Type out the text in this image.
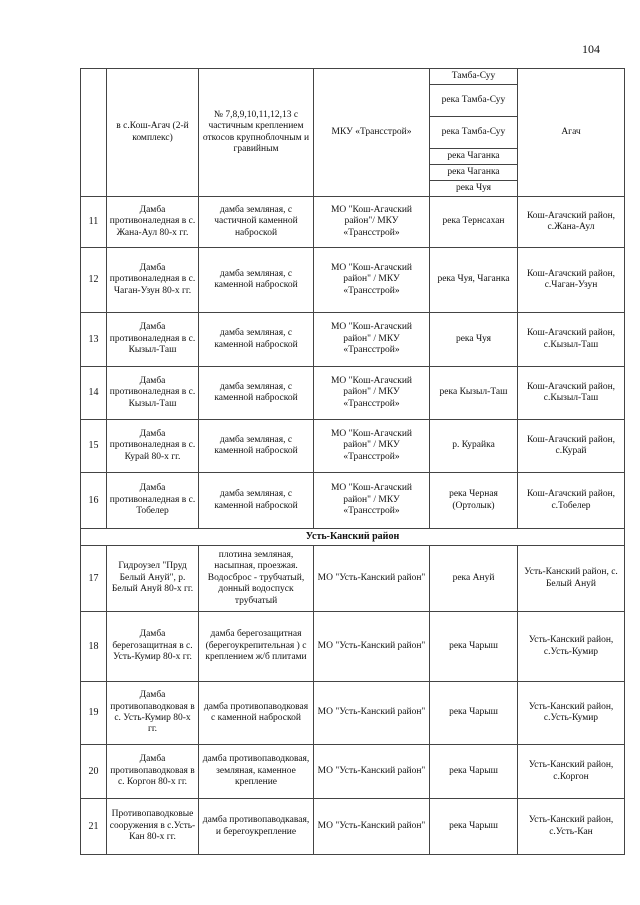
104
	в с.Кош-Агач (2-й комплекс)	№ 7,8,9,10,11,12,13 с частичным креплением откосов крупноблочным и гравийным	МКУ «Трансстрой»	Тамба-Суу	Агач
				река Тамба-Суу	
				река Тамба-Суу	
				река Чаганка	
				река Чаганка	
				река Чуя	
11	Дамба противоналедная в с. Жана-Аул 80-х гг.	дамба земляная, с частичной каменной наброской	МО "Кош-Агачский район"/ МКУ «Трансстрой»	река Тернсахан	Кош-Агачский район, с.Жана-Аул
12	Дамба противоналедная в с. Чаган-Узун 80-х гг.	дамба земляная, с каменной наброской	МО "Кош-Агачский район" / МКУ «Трансстрой»	река Чуя, Чаганка	Кош-Агачский район, с.Чаган-Узун
13	Дамба противоналедная в с. Кызыл-Таш	дамба земляная, с каменной наброской	МО "Кош-Агачский район" / МКУ «Трансстрой»	река Чуя	Кош-Агачский район, с.Кызыл-Таш
14	Дамба противоналедная в с. Кызыл-Таш	дамба земляная, с каменной наброской	МО "Кош-Агачский район" / МКУ «Трансстрой»	река Кызыл-Таш	Кош-Агачский район, с.Кызыл-Таш
15	Дамба противоналедная в с. Курай 80-х гг.	дамба земляная, с каменной наброской	МО "Кош-Агачский район" / МКУ «Трансстрой»	р. Курайка	Кош-Агачский район, с.Курай
16	Дамба противоналедная в с. Тобелер	дамба земляная, с каменной наброской	МО "Кош-Агачский район" / МКУ «Трансстрой»	река Черная (Ортолык)	Кош-Агачский район, с.Тобелер
Усть-Канский район					
17	Гидроузел "Пруд Белый Ануй", р. Белый Ануй 80-х гг.	плотина земляная, насыпная, проезжая. Водосброс - трубчатый, донный водоспуск трубчатый	МО "Усть-Канский район"	река Ануй	Усть-Канский район, с. Белый Ануй
18	Дамба берегозащитная в с. Усть-Кумир 80-х гг.	дамба берегозащитная (берегоукрепительная ) с креплением ж/б плитами	МО "Усть-Канский район"	река Чарыш	Усть-Канский район, с.Усть-Кумир
19	Дамба противопаводковая в с. Усть-Кумир 80-х гг.	дамба противопаводковая с каменной наброской	МО "Усть-Канский район"	река Чарыш	Усть-Канский район, с.Усть-Кумир
20	Дамба противопаводковая в с. Коргон 80-х гг.	дамба противопаводковая, земляная, каменное крепление	МО "Усть-Канский район"	река Чарыш	Усть-Канский район, с.Коргон
21	Противопаводковые сооружения в с.Усть-Кан 80-х гг.	дамба противопаводкавая, и берегоукрепление	МО "Усть-Канский район"	река Чарыш	Усть-Канский район, с.Усть-Кан
